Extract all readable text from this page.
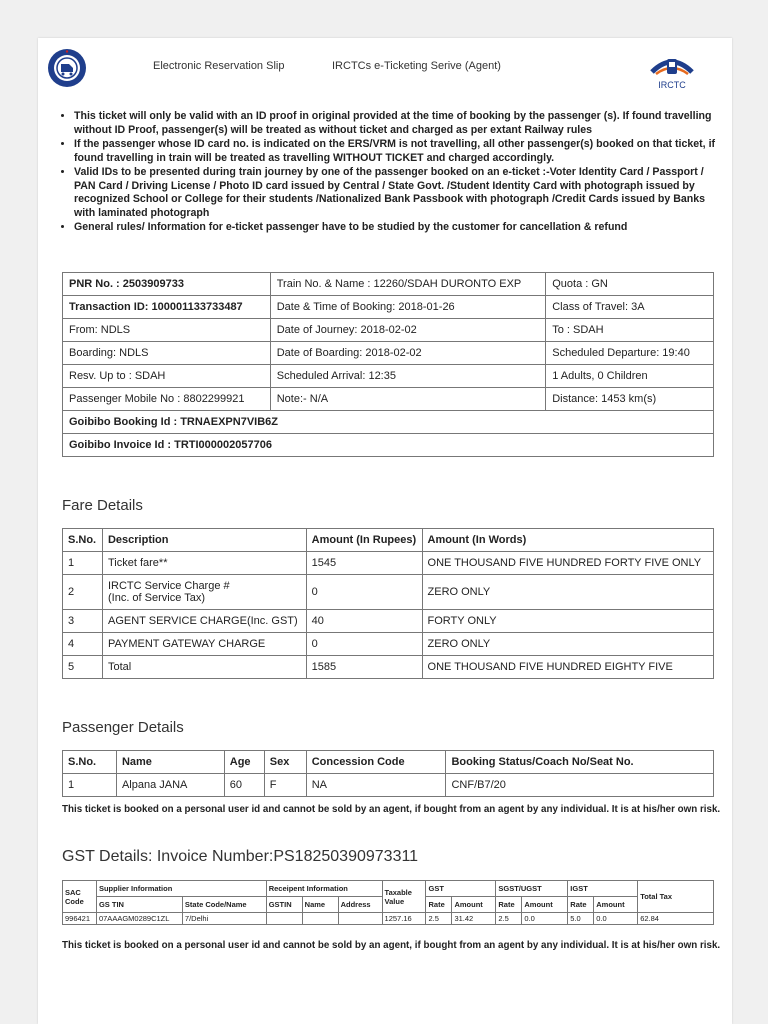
Electronic Reservation Slip	IRCTCs e-Ticketing Serive (Agent)
IRCTC
• This ticket will only be valid with an ID proof in original provided at the time of booking by the passenger (s). If found travelling without ID Proof, passenger(s) will be treated as without ticket and charged as per extant Railway rules
• If the passenger whose ID card no. is indicated on the ERS/VRM is not travelling, all other passenger(s) booked on that ticket, if found travelling in train will be treated as travelling WITHOUT TICKET and charged accordingly.
• Valid IDs to be presented during train journey by one of the passenger booked on an e-ticket :-Voter Identity Card / Passport / PAN Card / Driving License / Photo ID card issued by Central / State Govt. /Student Identity Card with photograph issued by recognized School or College for their students /Nationalized Bank Passbook with photograph /Credit Cards issued by Banks with laminated photograph
• General rules/ Information for e-ticket passenger have to be studied by the customer for cancellation & refund
PNR No. : 2503909733	Train No. & Name : 12260/SDAH DURONTO EXP	Quota : GN
Transaction ID: 100001133733487	Date & Time of Booking: 2018-01-26	Class of Travel: 3A
From: NDLS	Date of Journey: 2018-02-02	To : SDAH
Boarding: NDLS	Date of Boarding: 2018-02-02	Scheduled Departure: 19:40
Resv. Up to : SDAH	Scheduled Arrival: 12:35	1 Adults, 0 Children
Passenger Mobile No : 8802299921	Note:- N/A	Distance: 1453 km(s)
Goibibo Booking Id : TRNAEXPN7VIB6Z		
Goibibo Invoice Id : TRTI000002057706		
Fare Details
S.No.	Description	Amount (In Rupees)	Amount (In Words)
1	Ticket fare**	1545	ONE THOUSAND FIVE HUNDRED FORTY FIVE ONLY
2	IRCTC Service Charge #
(Inc. of Service Tax)	0	ZERO ONLY
3	AGENT SERVICE CHARGE(Inc. GST)	40	FORTY ONLY
4	PAYMENT GATEWAY CHARGE	0	ZERO ONLY
5	Total	1585	ONE THOUSAND FIVE HUNDRED EIGHTY FIVE
Passenger Details
S.No.	Name	Age	Sex	Concession Code	Booking Status/Coach No/Seat No.
1	Alpana JANA	60	F	NA	CNF/B7/20
This ticket is booked on a personal user id and cannot be sold by an agent, if bought from an agent by any individual. It is at his/her own risk.
GST Details: Invoice Number:PS18250390973311
SAC Code	Supplier Information		Receipent Information			Taxable Value	GST		SGST/UGST		IGST		Total Tax
	GS TIN	State Code/Name	GSTIN	Name	Address		Rate	Amount	Rate	Amount	Rate	Amount	
996421	07AAAGM0289C1ZL	7/Delhi				1257.16	2.5	31.42	2.5	0.0	5.0	0.0	62.84
This ticket is booked on a personal user id and cannot be sold by an agent, if bought from an agent by any individual. It is at his/her own risk.
